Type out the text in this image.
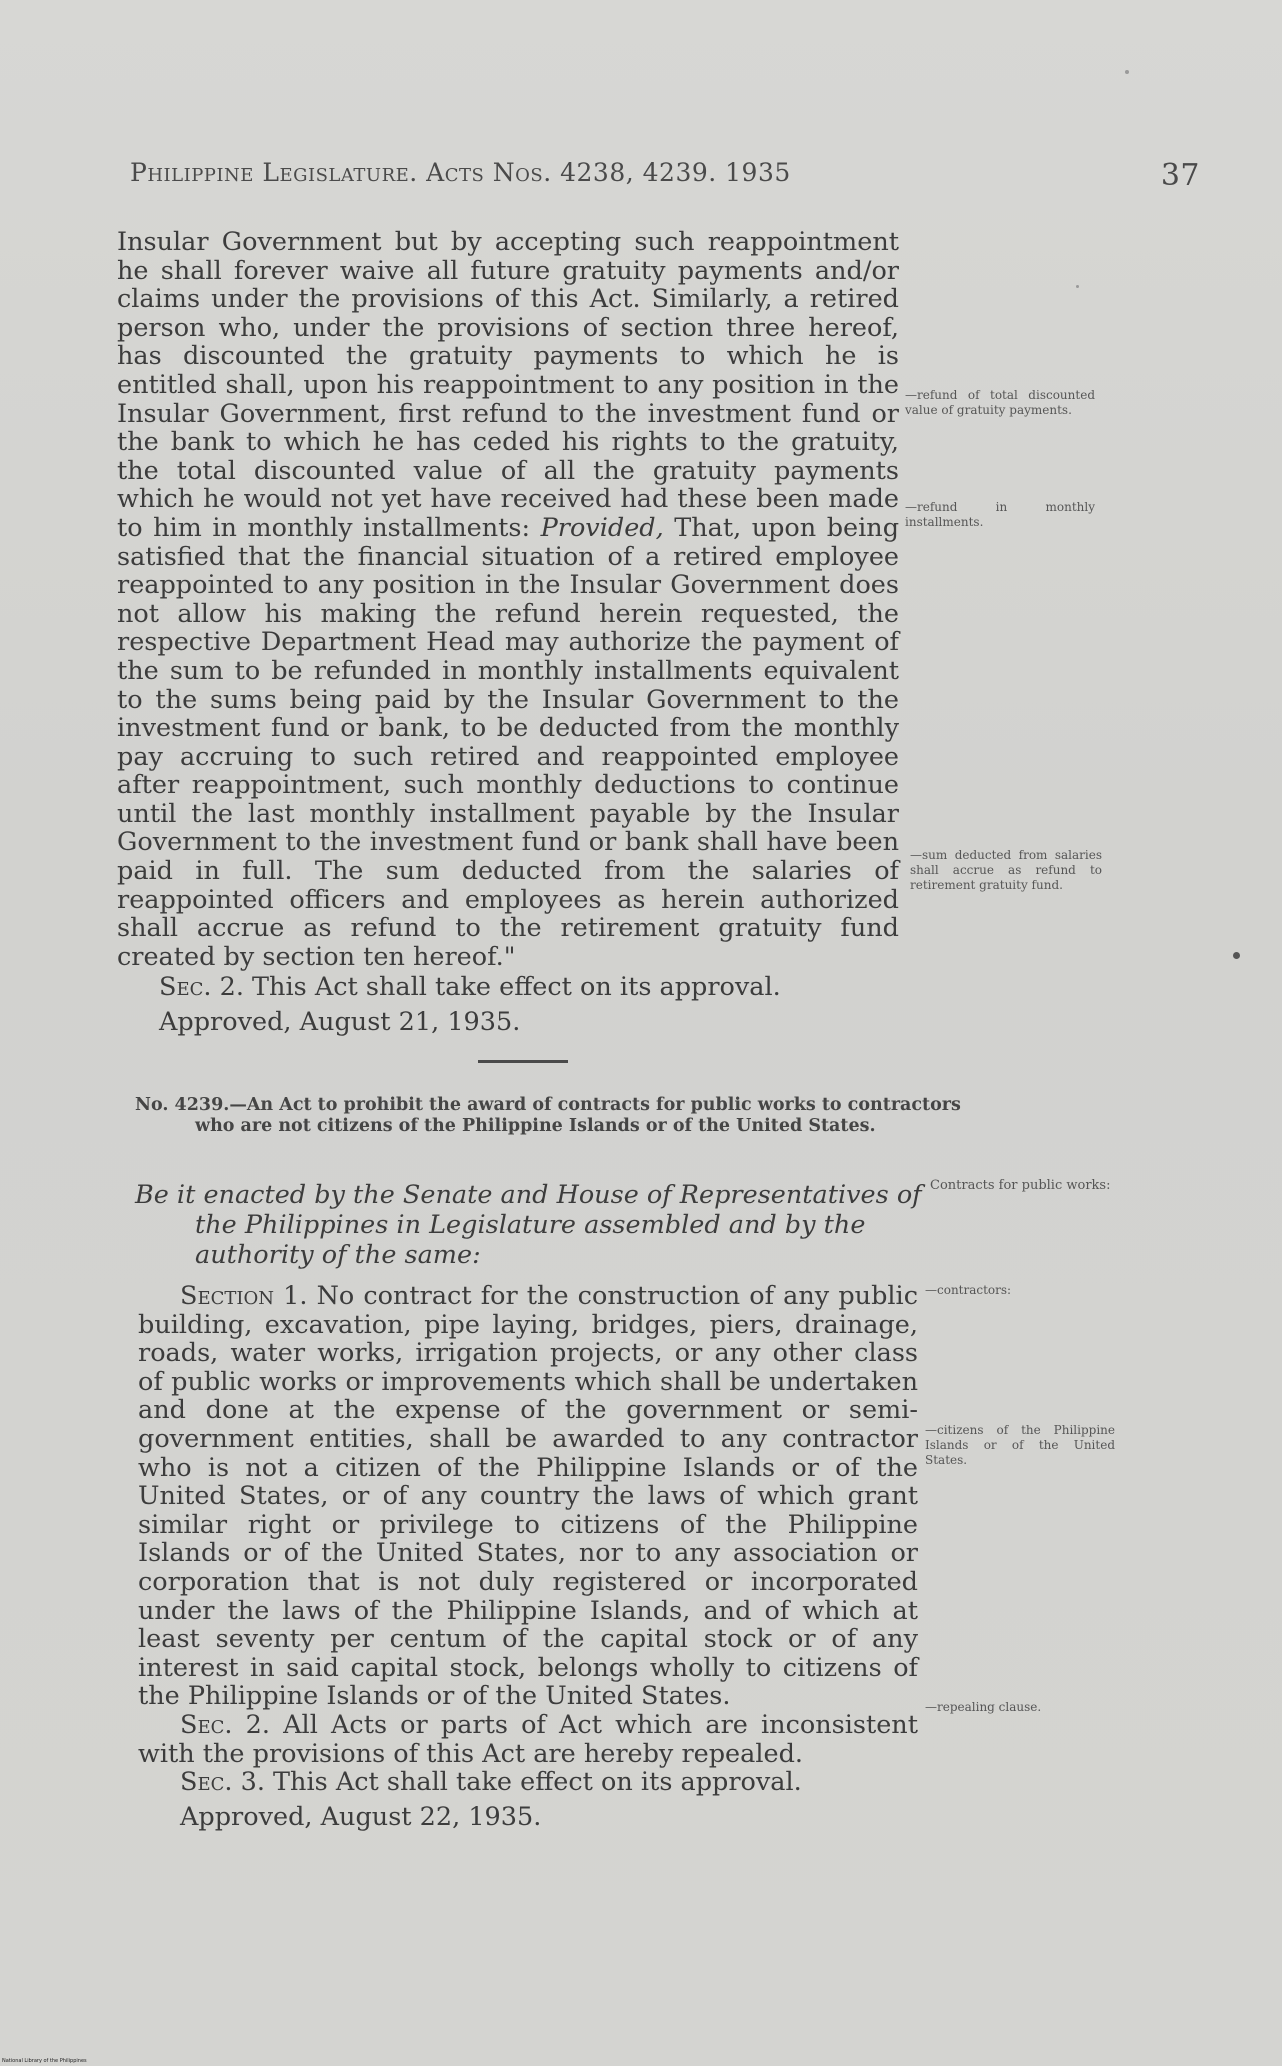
Philippine Legislature. Acts Nos. 4238, 4239. 1935	37

Insular Government but by accepting such reappointment he shall forever waive all future gratuity payments and/or claims under the provisions of this Act. Similarly, a retired person who, under the provisions of section three hereof, has discounted the gratuity payments to which he is entitled shall, upon his reappointment to any position in the Insular Government, first refund to the investment fund or the bank to which he has ceded his rights to the gratuity, the total discounted value of all the gratuity payments which he would not yet have received had these been made to him in monthly installments: Provided, That, upon being satisfied that the financial situation of a retired employee reappointed to any position in the Insular Government does not allow his making the refund herein requested, the respective Department Head may authorize the payment of the sum to be refunded in monthly installments equivalent to the sums being paid by the Insular Government to the investment fund or bank, to be deducted from the monthly pay accruing to such retired and reappointed employee after reappointment, such monthly deductions to continue until the last monthly installment payable by the Insular Government to the investment fund or bank shall have been paid in full. The sum deducted from the salaries of reappointed officers and employees as herein authorized shall accrue as refund to the retirement gratuity fund created by section ten hereof."

Sec. 2. This Act shall take effect on its approval.

Approved, August 21, 1935.

—refund of total discounted value of gratuity payments.
—refund in monthly installments.
—sum deducted from salaries shall accrue as refund to retirement gratuity fund.
No. 4239.—An Act to prohibit the award of contracts for public works to contractors who are not citizens of the Philippine Islands or of the United States.
Be it enacted by the Senate and House of Representatives of the Philippines in Legislature assembled and by the authority of the same:

Section 1. No contract for the construction of any public building, excavation, pipe laying, bridges, piers, drainage, roads, water works, irrigation projects, or any other class of public works or improvements which shall be undertaken and done at the expense of the government or semi-government entities, shall be awarded to any contractor who is not a citizen of the Philippine Islands or of the United States, or of any country the laws of which grant similar right or privilege to citizens of the Philippine Islands or of the United States, nor to any association or corporation that is not duly registered or incorporated under the laws of the Philippine Islands, and of which at least seventy per centum of the capital stock or of any interest in said capital stock, belongs wholly to citizens of the Philippine Islands or of the United States.

Sec. 2. All Acts or parts of Act which are inconsistent with the provisions of this Act are hereby repealed.

Sec. 3. This Act shall take effect on its approval.

Approved, August 22, 1935.

Contracts for public works:
—contractors:
—citizens of the Philippine Islands or of the United States.
—repealing clause.
National Library of the Philippines
